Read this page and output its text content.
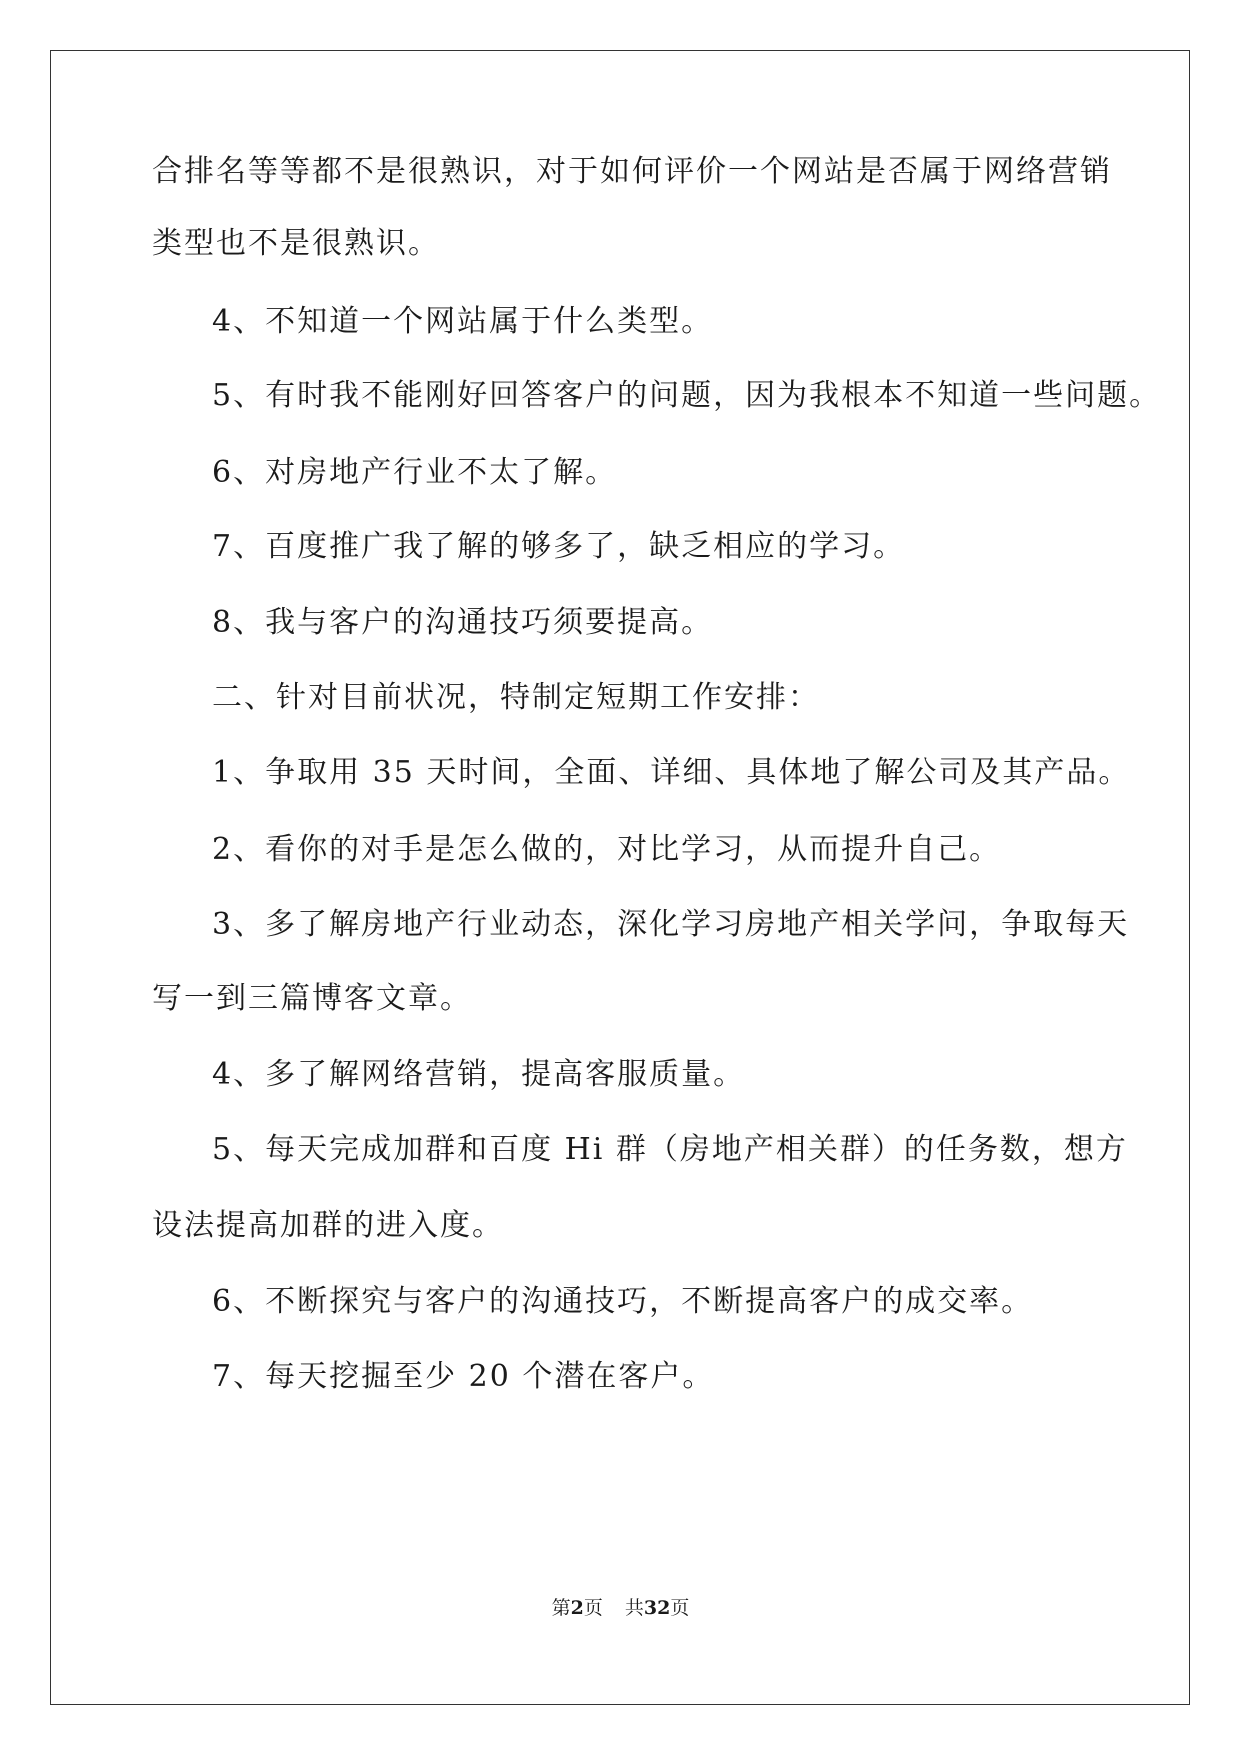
合排名等等都不是很熟识，对于如何评价一个网站是否属于网络营销
类型也不是很熟识。
4、不知道一个网站属于什么类型。
5、有时我不能刚好回答客户的问题，因为我根本不知道一些问题。
6、对房地产行业不太了解。
7、百度推广我了解的够多了，缺乏相应的学习。
8、我与客户的沟通技巧须要提高。
二、针对目前状况，特制定短期工作安排：
1、争取用 35 天时间，全面、详细、具体地了解公司及其产品。
2、看你的对手是怎么做的，对比学习，从而提升自己。
3、多了解房地产行业动态，深化学习房地产相关学问，争取每天
写一到三篇博客文章。
4、多了解网络营销，提高客服质量。
5、每天完成加群和百度 Hi 群（房地产相关群）的任务数，想方
设法提高加群的进入度。
6、不断探究与客户的沟通技巧，不断提高客户的成交率。
7、每天挖掘至少 20 个潜在客户。
第2页 共32页
